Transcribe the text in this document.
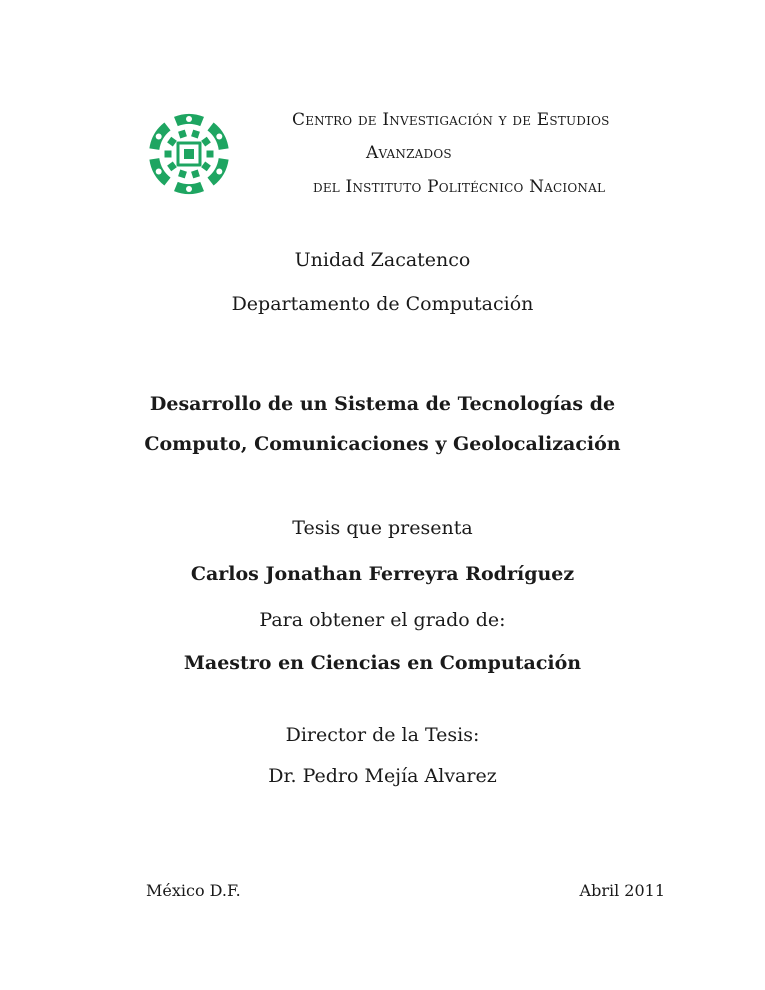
Centro de Investigación y de Estudios
Avanzados
del Instituto Politécnico Nacional
Unidad Zacatenco
Departamento de Computación
Desarrollo de un Sistema de Tecnologías de
Computo, Comunicaciones y Geolocalización
Tesis que presenta
Carlos Jonathan Ferreyra Rodríguez
Para obtener el grado de:
Maestro en Ciencias en Computación
Director de la Tesis:
Dr. Pedro Mejía Alvarez
México D.F.	Abril 2011
